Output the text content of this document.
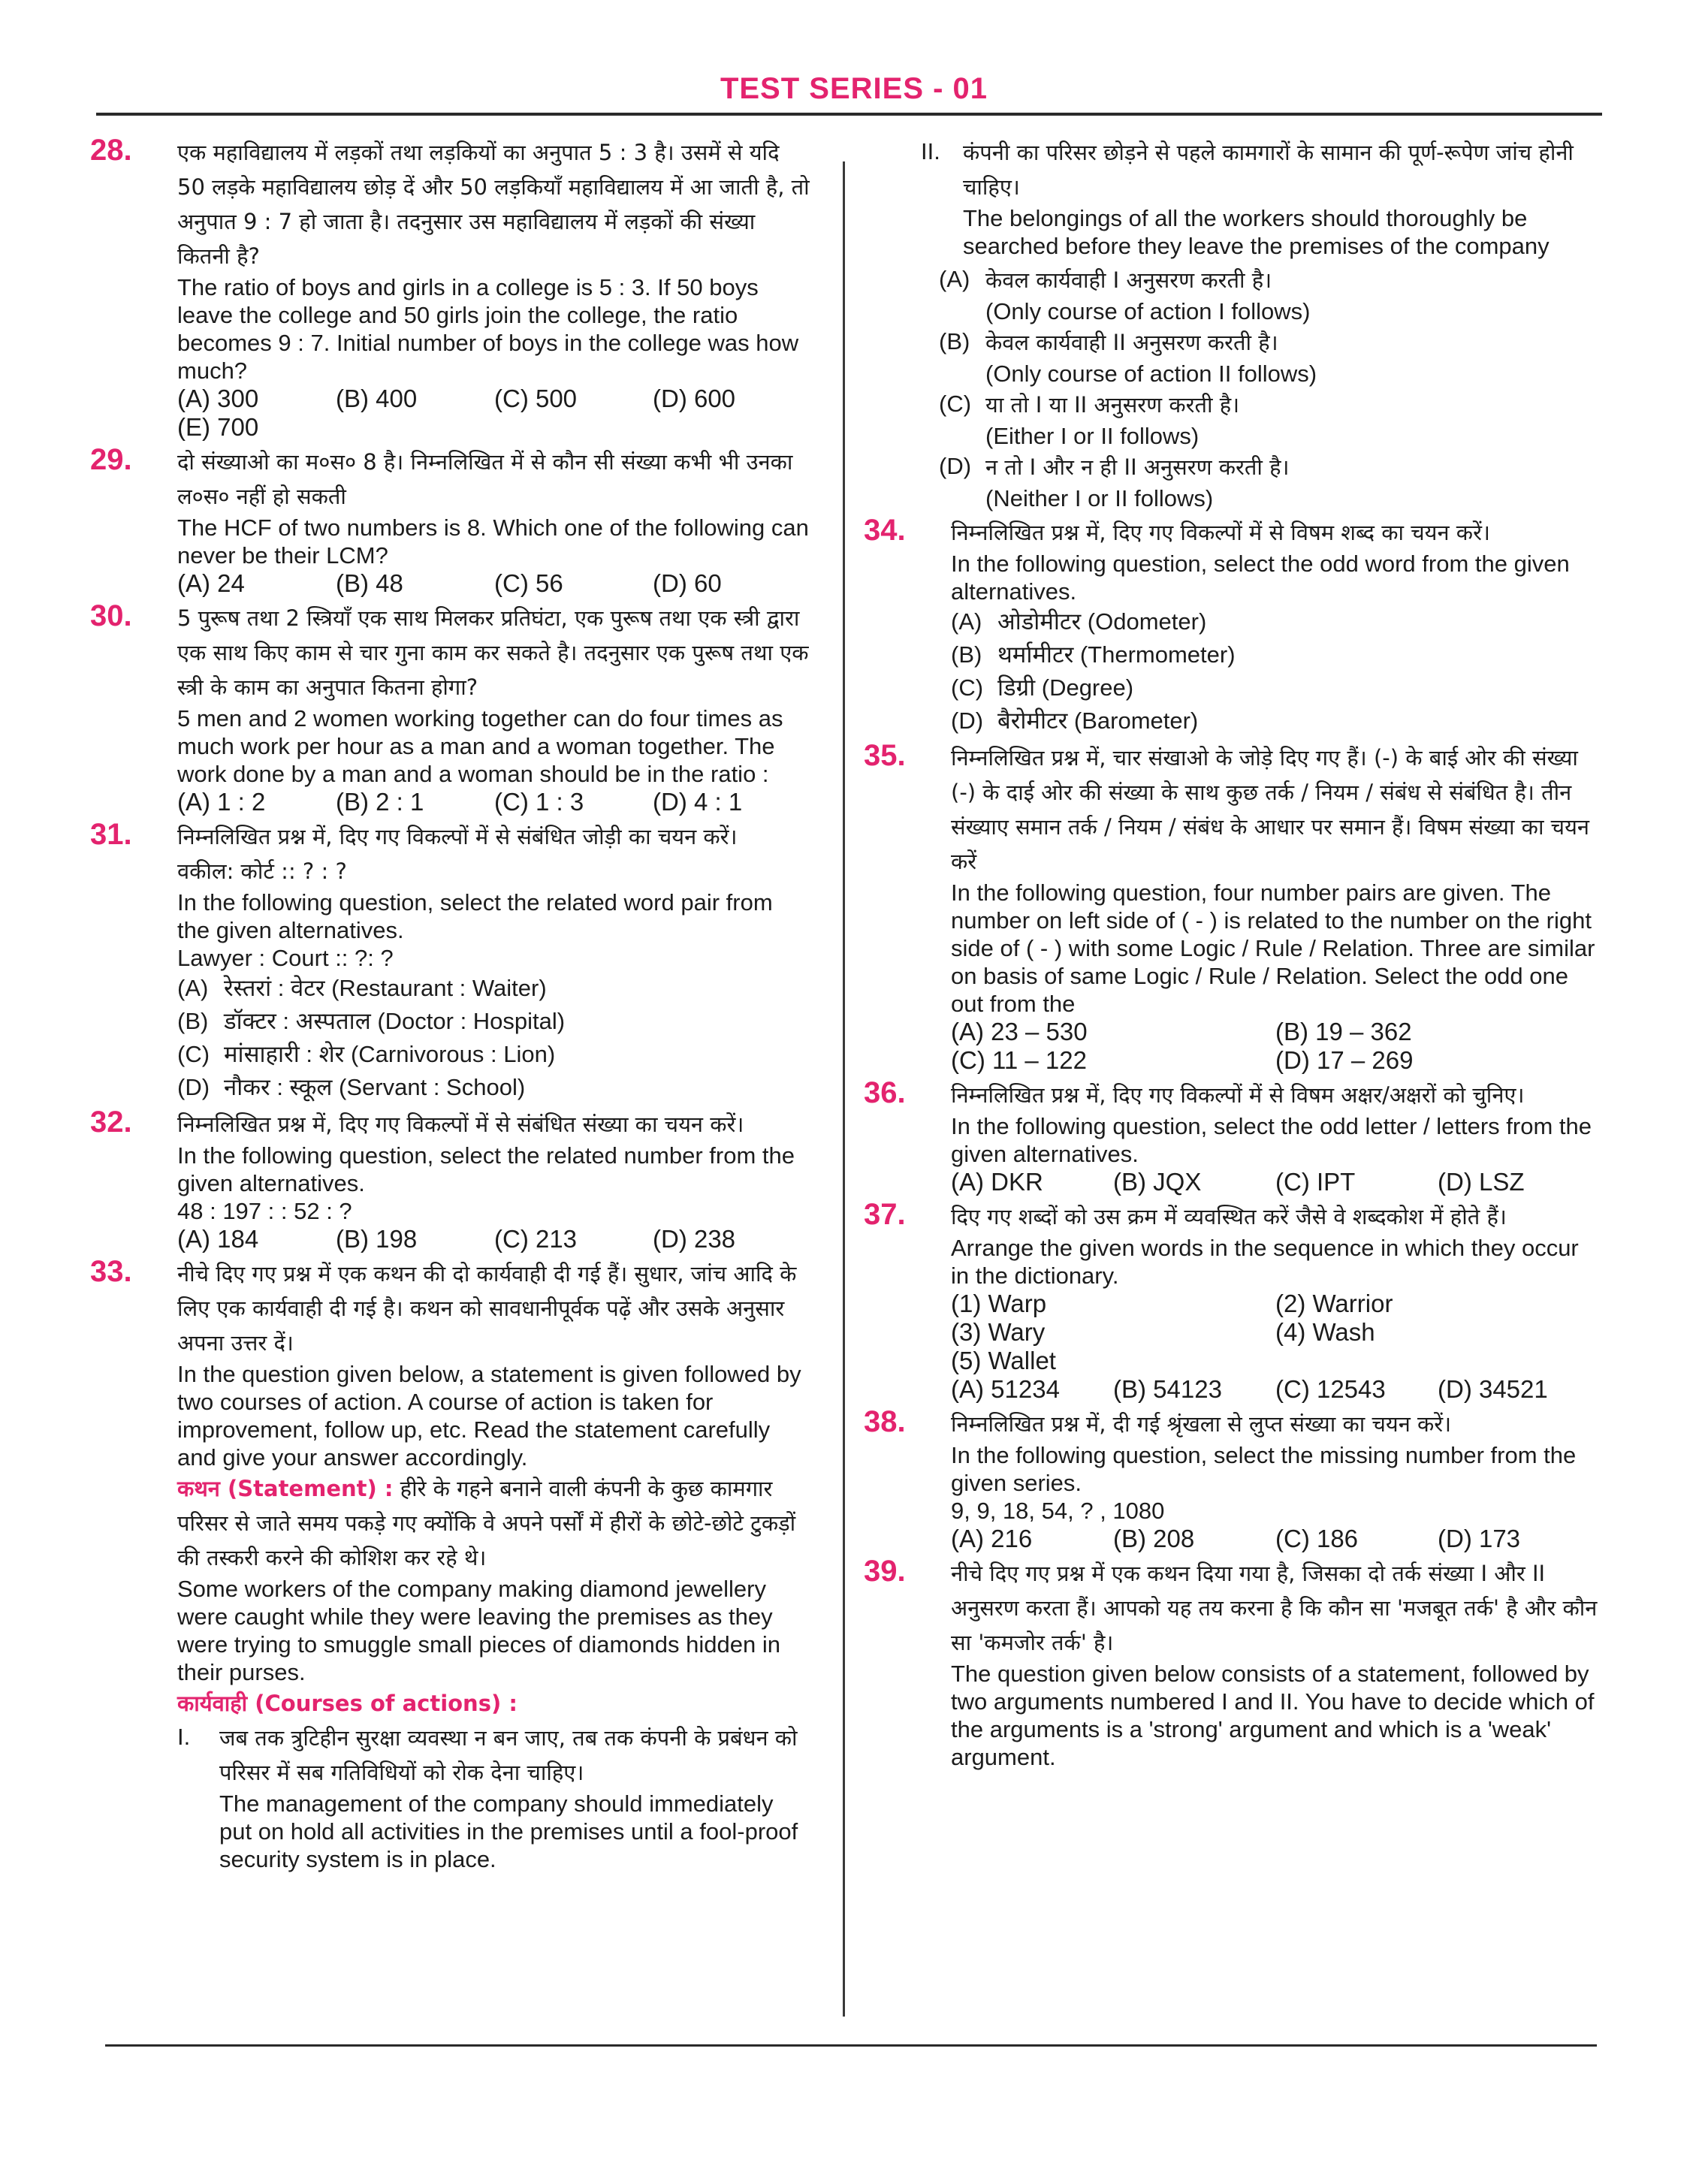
TEST SERIES - 01
28. एक महाविद्यालय में लड़कों तथा लड़कियों का अनुपात 5 : 3 है। उसमें से यदि 50 लड़के महाविद्यालय छोड़ दें और 50 लड़कियाँ महाविद्यालय में आ जाती है, तो अनुपात 9 : 7 हो जाता है। तदनुसार उस महाविद्यालय में लड़कों की संख्या कितनी है?

The ratio of boys and girls in a college is 5 : 3. If 50 boys leave the college and 50 girls join the college, the ratio becomes 9 : 7. Initial number of boys in the college was how much?

(A) 300	(B) 400	(C) 500	(D) 600
(E) 700
29. दो संख्याओ का म०स० 8 है। निम्नलिखित में से कौन सी संख्या कभी भी उनका ल०स० नहीं हो सकती

The HCF of two numbers is 8. Which one of the following can never be their LCM?

(A) 24	(B) 48	(C) 56	(D) 60
30. 5 पुरूष तथा 2 स्त्रियाँ एक साथ मिलकर प्रतिघंटा, एक पुरूष तथा एक स्त्री द्वारा एक साथ किए काम से चार गुना काम कर सकते है। तदनुसार एक पुरूष तथा एक स्त्री के काम का अनुपात कितना होगा?

5 men and 2 women working together can do four times as much work per hour as a man and a woman together. The work done by a man and a woman should be in the ratio :

(A) 1 : 2	(B) 2 : 1	(C) 1 : 3	(D) 4 : 1
31. निम्नलिखित प्रश्न में, दिए गए विकल्पों में से संबंधित जोड़ी का चयन करें।

वकील: कोर्ट :: ? : ?

In the following question, select the related word pair from the given alternatives.

Lawyer : Court :: ?: ?

(A) रेस्तरां : वेटर (Restaurant : Waiter)

(B) डॉक्टर : अस्पताल (Doctor : Hospital)

(C) मांसाहारी : शेर (Carnivorous : Lion)

(D) नौकर : स्कूल (Servant : School)

32. निम्नलिखित प्रश्न में, दिए गए विकल्पों में से संबंधित संख्या का चयन करें।

In the following question, select the related number from the given alternatives.

48 : 197 : : 52 : ?

(A) 184	(B) 198	(C) 213	(D) 238
33. नीचे दिए गए प्रश्न में एक कथन की दो कार्यवाही दी गई हैं। सुधार, जांच आदि के लिए एक कार्यवाही दी गई है। कथन को सावधानीपूर्वक पढ़ें और उसके अनुसार अपना उत्तर दें।

In the question given below, a statement is given followed by two courses of action. A course of action is taken for improvement, follow up, etc. Read the statement carefully and give your answer accordingly.

कथन (Statement) : हीरे के गहने बनाने वाली कंपनी के कुछ कामगार परिसर से जाते समय पकड़े गए क्योंकि वे अपने पर्सों में हीरों के छोटे-छोटे टुकड़ों की तस्करी करने की कोशिश कर रहे थे।

Some workers of the company making diamond jewellery were caught while they were leaving the premises as they were trying to smuggle small pieces of diamonds hidden in their purses.

कार्यवाही (Courses of actions) :

I.	जब तक त्रुटिहीन सुरक्षा व्यवस्था न बन जाए, तब तक कंपनी के प्रबंधन को परिसर में सब गतिविधियों को रोक देना चाहिए।

The management of the company should immediately put on hold all activities in the premises until a fool-proof security system is in place.

II.	कंपनी का परिसर छोड़ने से पहले कामगारों के सामान की पूर्ण-रूपेण जांच होनी चाहिए।

The belongings of all the workers should thoroughly be searched before they leave the premises of the company

(A) केवल कार्यवाही I अनुसरण करती है।

(Only course of action I follows)

(B) केवल कार्यवाही II अनुसरण करती है।

(Only course of action II follows)

(C) या तो I या II अनुसरण करती है।

(Either I or II follows)

(D) न तो I और न ही II अनुसरण करती है।

(Neither I or II follows)

34. निम्नलिखित प्रश्न में, दिए गए विकल्पों में से विषम शब्द का चयन करें।

In the following question, select the odd word from the given alternatives.

(A) ओडोमीटर (Odometer)

(B) थर्मामीटर (Thermometer)

(C) डिग्री (Degree)

(D) बैरोमीटर (Barometer)

35. निम्नलिखित प्रश्न में, चार संखाओ के जोड़े दिए गए हैं। (-) के बाई ओर की संख्या (-) के दाई ओर की संख्या के साथ कुछ तर्क / नियम / संबंध से संबंधित है। तीन संख्याए समान तर्क / नियम / संबंध के आधार पर समान हैं। विषम संख्या का चयन करें

In the following question, four number pairs are given. The number on left side of ( - ) is related to the number on the right side of ( - ) with some Logic / Rule / Relation. Three are similar on basis of same Logic / Rule / Relation. Select the odd one out from the

(A) 23 – 530	(B) 19 – 362
(C) 11 – 122	(D) 17 – 269
36. निम्नलिखित प्रश्न में, दिए गए विकल्पों में से विषम अक्षर/अक्षरों को चुनिए।

In the following question, select the odd letter / letters from the given alternatives.

(A) DKR	(B) JQX	(C) IPT	(D) LSZ
37. दिए गए शब्दों को उस क्रम में व्यवस्थित करें जैसे वे शब्दकोश में होते हैं।

Arrange the given words in the sequence in which they occur in the dictionary.

(1) Warp	(2) Warrior
(3) Wary	(4) Wash
(5) Wallet
(A) 51234	(B) 54123	(C) 12543	(D) 34521
38. निम्नलिखित प्रश्न में, दी गई श्रृंखला से लुप्त संख्या का चयन करें।

In the following question, select the missing number from the given series.

9, 9, 18, 54, ? , 1080

(A) 216	(B) 208	(C) 186	(D) 173
39. नीचे दिए गए प्रश्न में एक कथन दिया गया है, जिसका दो तर्क संख्या I और II अनुसरण करता हैं। आपको यह तय करना है कि कौन सा 'मजबूत तर्क' है और कौन सा 'कमजोर तर्क' है।

The question given below consists of a statement, followed by two arguments numbered I and II. You have to decide which of the arguments is a 'strong' argument and which is a 'weak' argument.
